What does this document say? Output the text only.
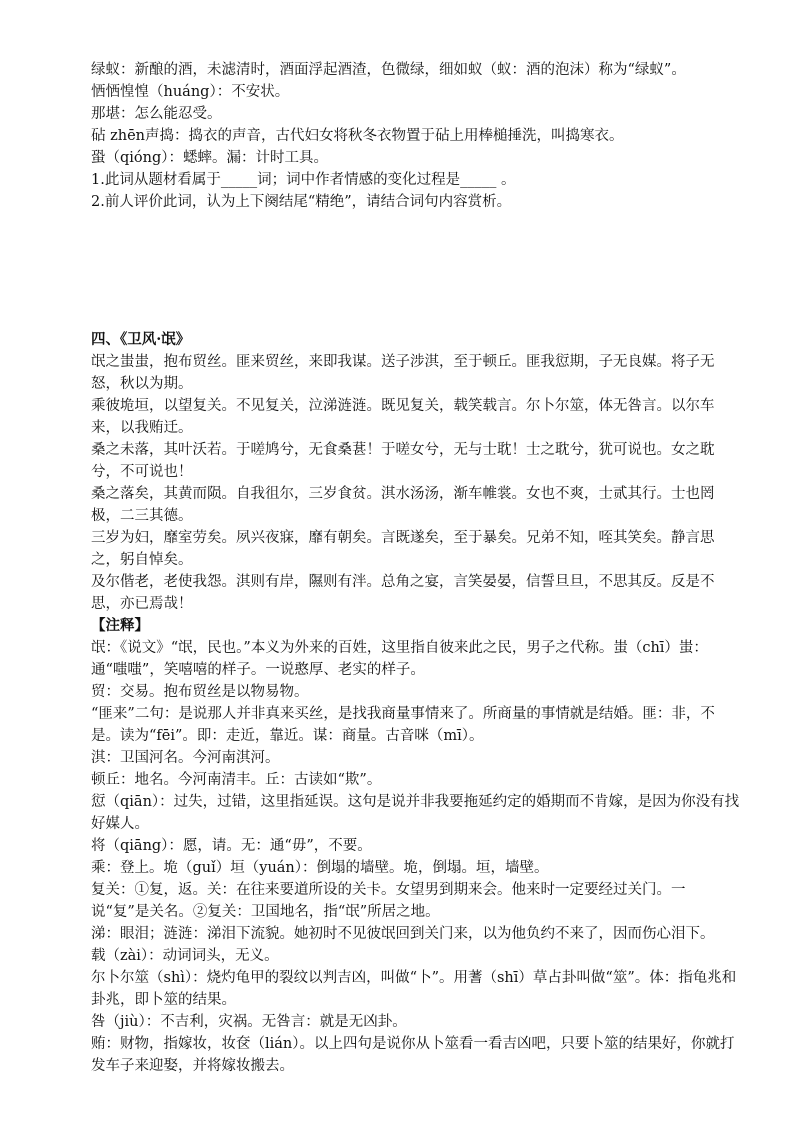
绿蚁：新酿的酒，未滤清时，酒面浮起酒渣，色微绿，细如蚁（蚁：酒的泡沫）称为“绿蚁”。

恓恓惶惶（huáng）：不安状。

那堪：怎么能忍受。

砧 zhēn声捣：捣衣的声音，古代妇女将秋冬衣物置于砧上用棒槌捶洗，叫捣寒衣。

蛩（qióng）：蟋蟀。漏：计时工具。

1.此词从题材看属于_____词；词中作者情感的变化过程是_____ 。

2.前人评价此词，认为上下阕结尾“精绝”，请结合词句内容赏析。

四、《卫风·氓》

氓之蚩蚩，抱布贸丝。匪来贸丝，来即我谋。送子涉淇，至于顿丘。匪我愆期，子无良媒。将子无怒，秋以为期。

乘彼垝垣，以望复关。不见复关，泣涕涟涟。既见复关，载笑载言。尔卜尔筮，体无咎言。以尔车来，以我贿迁。

桑之未落，其叶沃若。于嗟鸠兮，无食桑葚！于嗟女兮，无与士耽！士之耽兮，犹可说也。女之耽兮，不可说也！

桑之落矣，其黄而陨。自我徂尔，三岁食贫。淇水汤汤，渐车帷裳。女也不爽，士贰其行。士也罔极，二三其德。

三岁为妇，靡室劳矣。夙兴夜寐，靡有朝矣。言既遂矣，至于暴矣。兄弟不知，咥其笑矣。静言思之，躬自悼矣。

及尔偕老，老使我怨。淇则有岸，隰则有泮。总角之宴，言笑晏晏，信誓旦旦，不思其反。反是不思，亦已焉哉！

【注释】

氓：《说文》“氓，民也。”本义为外来的百姓，这里指自彼来此之民，男子之代称。蚩（chī）蚩：通“嗤嗤”，笑嘻嘻的样子。一说憨厚、老实的样子。

贸：交易。抱布贸丝是以物易物。

“匪来”二句：是说那人并非真来买丝，是找我商量事情来了。所商量的事情就是结婚。匪：非，不是。读为“fēi”。即：走近，靠近。谋：商量。古音咪（mī）。

淇：卫国河名。今河南淇河。

顿丘：地名。今河南清丰。丘：古读如“欺”。

愆（qiān）：过失，过错，这里指延误。这句是说并非我要拖延约定的婚期而不肯嫁，是因为你没有找好媒人。

将（qiāng）：愿，请。无：通“毋”，不要。

乘：登上。垝（guǐ）垣（yuán）：倒塌的墙壁。垝，倒塌。垣，墙壁。

复关：①复，返。关：在往来要道所设的关卡。女望男到期来会。他来时一定要经过关门。一说“复”是关名。②复关：卫国地名，指“氓”所居之地。

涕：眼泪；涟涟：涕泪下流貌。她初时不见彼氓回到关门来，以为他负约不来了，因而伤心泪下。

载（zài）：动词词头，无义。

尔卜尔筮（shì）：烧灼龟甲的裂纹以判吉凶，叫做“卜”。用蓍（shī）草占卦叫做“筮”。体：指龟兆和卦兆，即卜筮的结果。

咎（jiù）：不吉利，灾祸。无咎言：就是无凶卦。

贿：财物，指嫁妆，妆奁（lián）。以上四句是说你从卜筮看一看吉凶吧，只要卜筮的结果好，你就打发车子来迎娶，并将嫁妆搬去。
